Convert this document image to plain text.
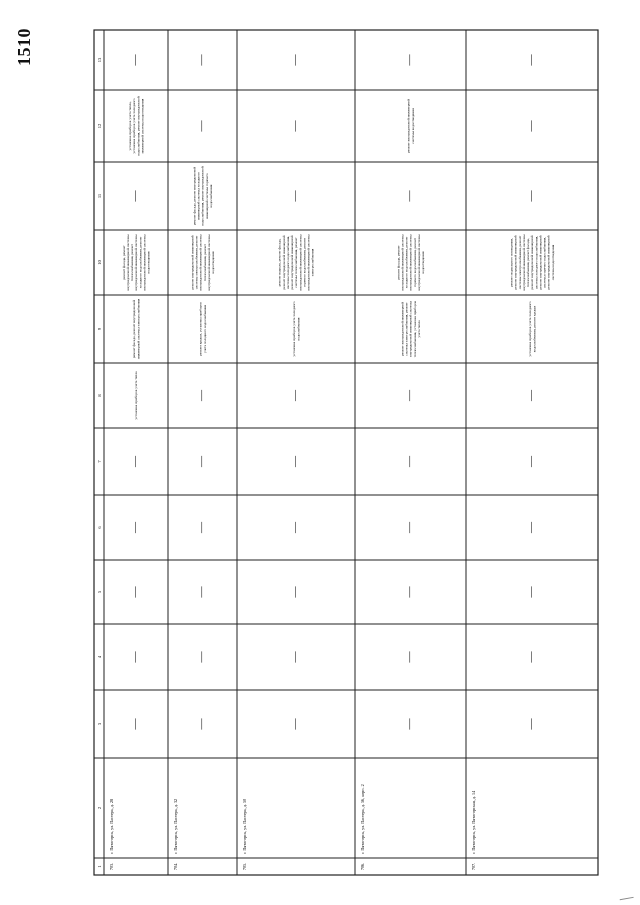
1510
1
2
3
4
5
6
7
8
9
10
11
12
13
703.
г. Пятигорск, ул. Пастера, д. 28
—
—
—
—
—
установка приборов учета тепла
ремонт фасада, ремонт внутридомовой инженерной системы электроснабжения
ремонт фасада, ремонт внутридомовой инженерной системы теплоснабжения, ремонт внутридомовой инженерной системы холодного водоснабжения, ремонт внутридомовой инженерной системы водоотведения
—
установка приборов учета тепла, установка приборов учета холодного водоснабжения, ремонт внутридомовой инженерной системы водоотведения
—
704.
г. Пятигорск, ул. Пастера, д. 32
—
—
—
—
—
—
ремонт крыши, установка приборов учета холодного водоснабжения
ремонт внутридомовой инженерной системы электроснабжения, ремонт внутридомовой инженерной системы теплоснабжения, ремонт внутридомовой инженерной системы водоотведения
ремонт фасада, ремонт внутридомовой инженерной системы холодного водоснабжения, ремонт внутридомовой инженерной системы горячего водоснабжения
—
—
705.
г. Пятигорск, ул. Пастера, д. 50
—
—
—
—
—
—
установка приборов учета холодного водоснабжения
ремонт подвала, ремонт фасада, ремонт внутридомовой инженерной системы холодного водоснабжения, ремонт внутридомовой инженерной системы теплоснабжения, ремонт внутридомовой инженерной системы горячего водоснабжения, ремонт внутридомовой инженерной системы электроснабжения
—
—
—
706.
г. Пятигорск, ул. Пастера, д. 56, корп. 2
—
—
—
—
—
—
ремонт внутридомовой инженерной системы электроснабжения, ремонт внутридомовой инженерной системы теплоснабжения, установка приборов учета тепла
ремонт фасада, ремонт внутридомовой инженерной системы холодного водоснабжения, ремонт внутридомовой инженерной системы горячего водоснабжения, ремонт внутридомовой инженерной системы водоотведения
—
ремонт внутридомовой инженерной системы водоотведения
—
707.
г. Пятигорск, ул. Пятигорская, д. 14
—
—
—
—
—
—
установка приборов учета холодного водоснабжения, ремонт крыши
ремонт подвального помещения, ремонт внутридомовой инженерной системы электроснабжения, ремонт внутридомовой инженерной системы теплоснабжения, ремонт фасада, ремонт внутридомовой инженерной системы холодного водоснабжения, ремонт внутридомовой инженерной системы горячего водоснабжения, ремонт внутридомовой инженерной системы водоотведения
—
—
—
